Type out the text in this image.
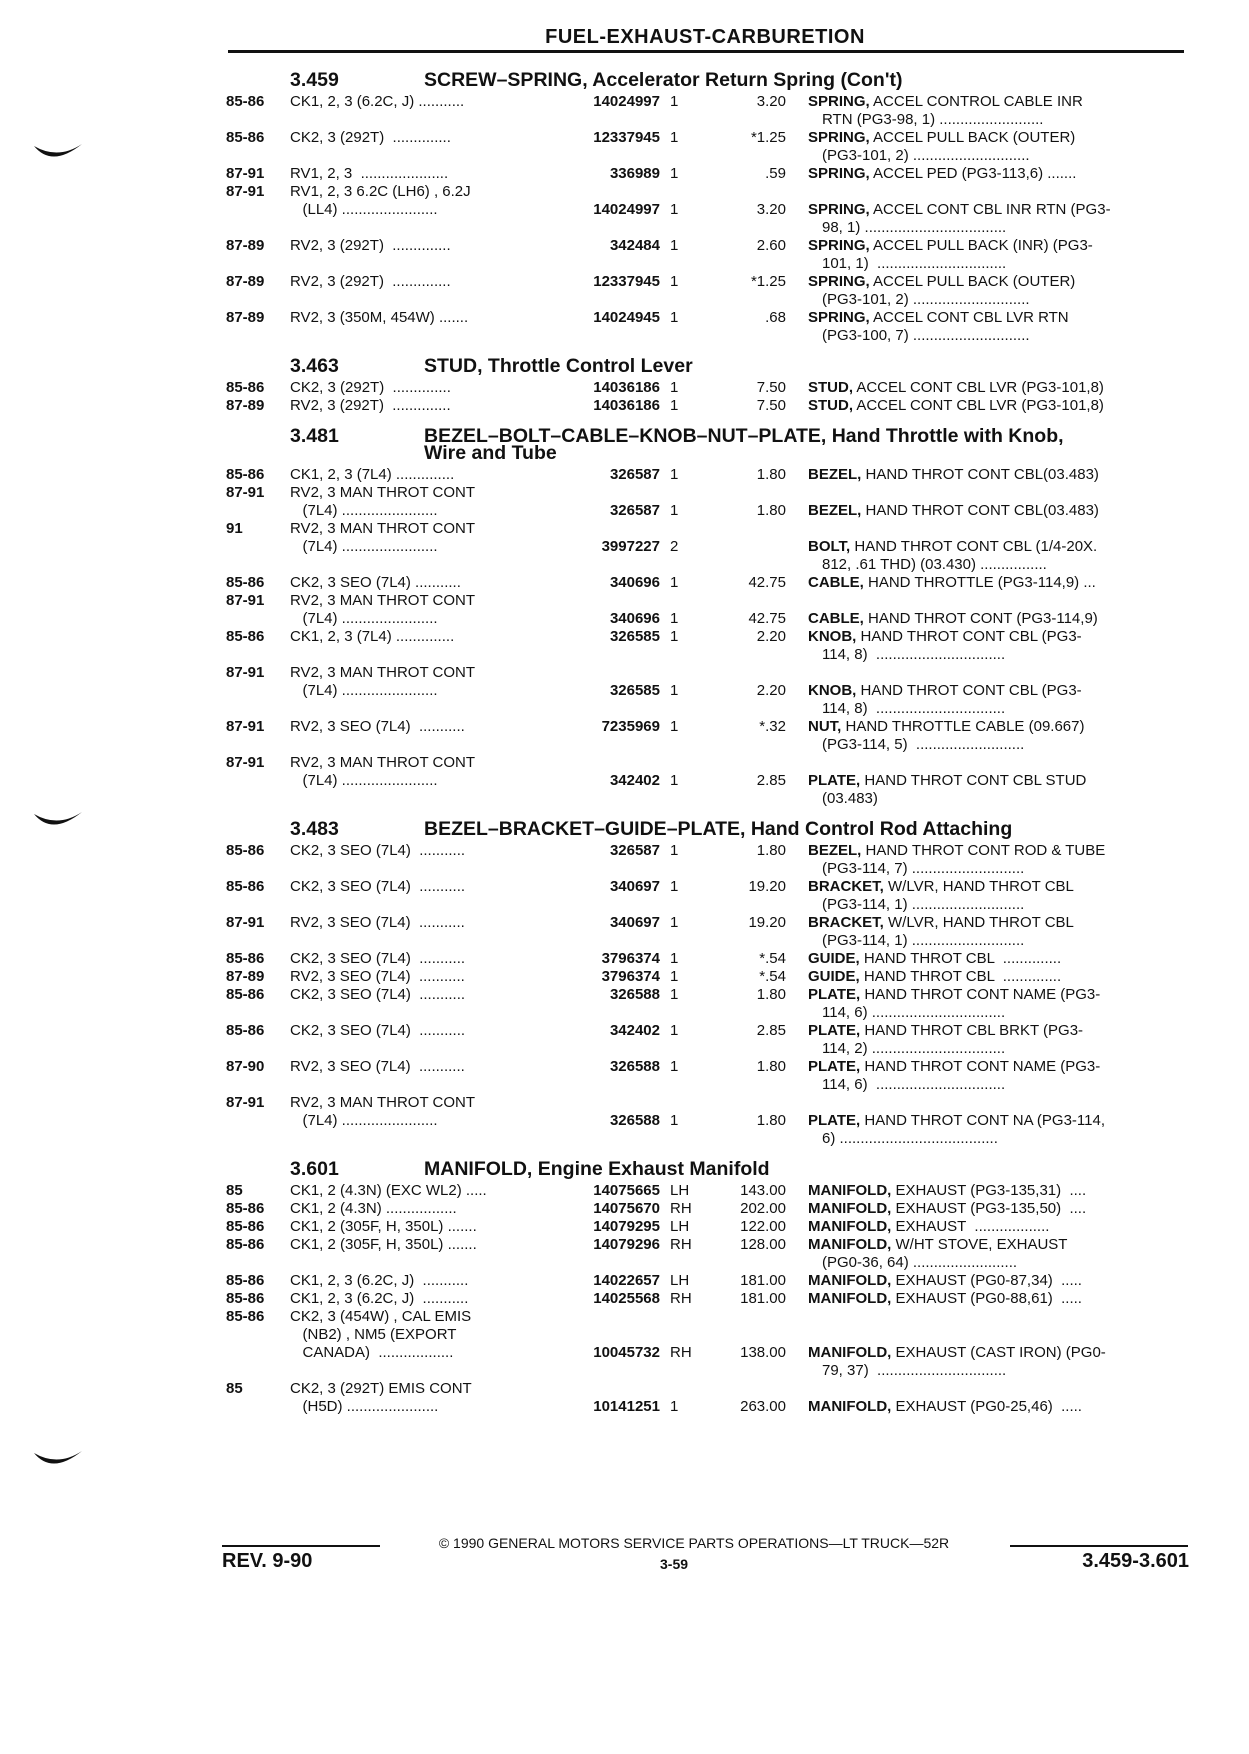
FUEL-EXHAUST-CARBURETION
3.459	SCREW–SPRING, Accelerator Return Spring (Con't)
85-86	CK1, 2, 3 (6.2C, J) ...........	14024997 1	3.20	SPRING, ACCEL CONTROL CABLE INR
RTN (PG3-98, 1) .........................
85-86	CK2, 3 (292T)  ..............	12337945 1	*1.25	SPRING, ACCEL PULL BACK (OUTER)
(PG3-101, 2) ............................
87-91	RV1, 2, 3  .....................	336989 1	.59	SPRING, ACCEL PED (PG3-113,6) .......
87-91	RV1, 2, 3 6.2C (LH6) , 6.2J
(LL4) .......................	14024997 1	3.20	SPRING, ACCEL CONT CBL INR RTN (PG3-
98, 1) ..................................
87-89	RV2, 3 (292T)  ..............	342484 1	2.60	SPRING, ACCEL PULL BACK (INR) (PG3-
101, 1)  ...............................
87-89	RV2, 3 (292T)  ..............	12337945 1	*1.25	SPRING, ACCEL PULL BACK (OUTER)
(PG3-101, 2) ............................
87-89	RV2, 3 (350M, 454W) .......	14024945 1	.68	SPRING, ACCEL CONT CBL LVR RTN
(PG3-100, 7) ............................
3.463	STUD, Throttle Control Lever
85-86	CK2, 3 (292T)  ..............	14036186 1	7.50	STUD, ACCEL CONT CBL LVR (PG3-101,8)
87-89	RV2, 3 (292T)  ..............	14036186 1	7.50	STUD, ACCEL CONT CBL LVR (PG3-101,8)
3.481	BEZEL–BOLT–CABLE–KNOB–NUT–PLATE, Hand Throttle with Knob,
Wire and Tube
85-86	CK1, 2, 3 (7L4) ..............	326587 1	1.80	BEZEL, HAND THROT CONT CBL(03.483)
87-91	RV2, 3 MAN THROT CONT
(7L4) .......................	326587 1	1.80	BEZEL, HAND THROT CONT CBL(03.483)
91	RV2, 3 MAN THROT CONT
(7L4) .......................	3997227 2	BOLT, HAND THROT CONT CBL (1/4-20X.
812, .61 THD) (03.430) ................
85-86	CK2, 3 SEO (7L4) ...........	340696 1	42.75	CABLE, HAND THROTTLE (PG3-114,9) ...
87-91	RV2, 3 MAN THROT CONT
(7L4) .......................	340696 1	42.75	CABLE, HAND THROT CONT (PG3-114,9)
85-86	CK1, 2, 3 (7L4) ..............	326585 1	2.20	KNOB, HAND THROT CONT CBL (PG3-
114, 8)  ...............................
87-91	RV2, 3 MAN THROT CONT
(7L4) .......................	326585 1	2.20	KNOB, HAND THROT CONT CBL (PG3-
114, 8)  ...............................
87-91	RV2, 3 SEO (7L4)  ...........	7235969 1	*.32	NUT, HAND THROTTLE CABLE (09.667)
(PG3-114, 5)  ..........................
87-91	RV2, 3 MAN THROT CONT
(7L4) .......................	342402 1	2.85	PLATE, HAND THROT CONT CBL STUD
(03.483)
3.483	BEZEL–BRACKET–GUIDE–PLATE, Hand Control Rod Attaching
85-86	CK2, 3 SEO (7L4)  ...........	326587 1	1.80	BEZEL, HAND THROT CONT ROD & TUBE
(PG3-114, 7) ...........................
85-86	CK2, 3 SEO (7L4)  ...........	340697 1	19.20	BRACKET, W/LVR, HAND THROT CBL
(PG3-114, 1) ...........................
87-91	RV2, 3 SEO (7L4)  ...........	340697 1	19.20	BRACKET, W/LVR, HAND THROT CBL
(PG3-114, 1) ...........................
85-86	CK2, 3 SEO (7L4)  ...........	3796374 1	*.54	GUIDE, HAND THROT CBL  ..............
87-89	RV2, 3 SEO (7L4)  ...........	3796374 1	*.54	GUIDE, HAND THROT CBL  ..............
85-86	CK2, 3 SEO (7L4)  ...........	326588 1	1.80	PLATE, HAND THROT CONT NAME (PG3-
114, 6) ................................
85-86	CK2, 3 SEO (7L4)  ...........	342402 1	2.85	PLATE, HAND THROT CBL BRKT (PG3-
114, 2) ................................
87-90	RV2, 3 SEO (7L4)  ...........	326588 1	1.80	PLATE, HAND THROT CONT NAME (PG3-
114, 6)  ...............................
87-91	RV2, 3 MAN THROT CONT
(7L4) .......................	326588 1	1.80	PLATE, HAND THROT CONT NA (PG3-114,
6) ......................................
3.601	MANIFOLD, Engine Exhaust Manifold
85	CK1, 2 (4.3N) (EXC WL2) .....	14075665 LH	143.00	MANIFOLD, EXHAUST (PG3-135,31)  ....
85-86	CK1, 2 (4.3N) .................	14075670 RH	202.00	MANIFOLD, EXHAUST (PG3-135,50)  ....
85-86	CK1, 2 (305F, H, 350L) .......	14079295 LH	122.00	MANIFOLD, EXHAUST  ..................
85-86	CK1, 2 (305F, H, 350L) .......	14079296 RH	128.00	MANIFOLD, W/HT STOVE, EXHAUST
(PG0-36, 64) .........................
85-86	CK1, 2, 3 (6.2C, J)  ...........	14022657 LH	181.00	MANIFOLD, EXHAUST (PG0-87,34)  .....
85-86	CK1, 2, 3 (6.2C, J)  ...........	14025568 RH	181.00	MANIFOLD, EXHAUST (PG0-88,61)  .....
85-86	CK2, 3 (454W) , CAL EMIS
(NB2) , NM5 (EXPORT
CANADA)  ..................	10045732 RH	138.00	MANIFOLD, EXHAUST (CAST IRON) (PG0-
79, 37)  ...............................
85	CK2, 3 (292T) EMIS CONT
(H5D) ......................	10141251 1	263.00	MANIFOLD, EXHAUST (PG0-25,46)  .....
© 1990 GENERAL MOTORS SERVICE PARTS OPERATIONS—LT TRUCK—52R
REV. 9-90	3-59	3.459-3.601
